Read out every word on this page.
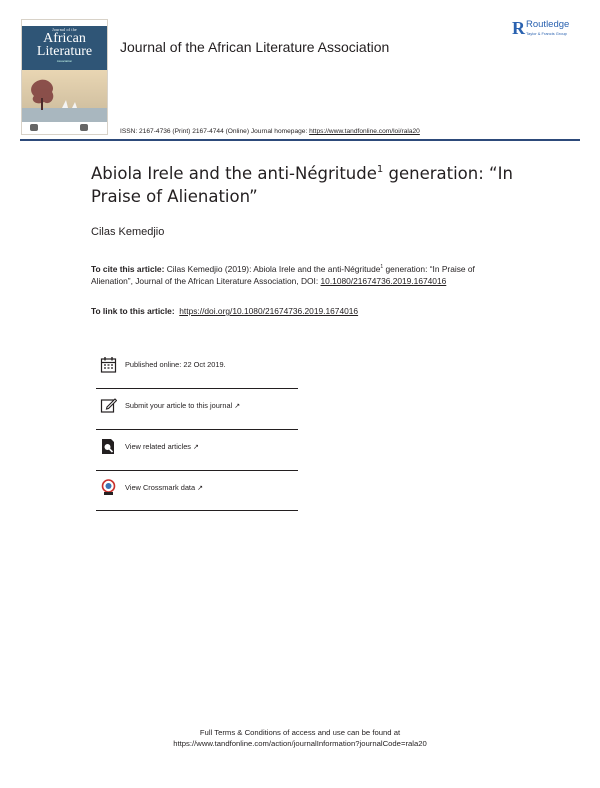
Journal of the
African
Literature
Association
Journal of the African Literature Association
R Routledge
Taylor & Francis Group
ISSN: 2167-4736 (Print) 2167-4744 (Online) Journal homepage: https://www.tandfonline.com/loi/rala20
Abiola Irele and the anti-Négritude$^1$ generation: “In Praise of Alienation”
Cilas Kemedjio
To cite this article: Cilas Kemedjio (2019): Abiola Irele and the anti-Négritude$^1$ generation: “In Praise of Alienation”, Journal of the African Literature Association, DOI: 10.1080/21674736.2019.1674016
To link to this article: https://doi.org/10.1080/21674736.2019.1674016
Published online: 22 Oct 2019.
Submit your article to this journal ↗
View related articles ↗
View Crossmark data ↗
Full Terms & Conditions of access and use can be found at
https://www.tandfonline.com/action/journalInformation?journalCode=rala20
